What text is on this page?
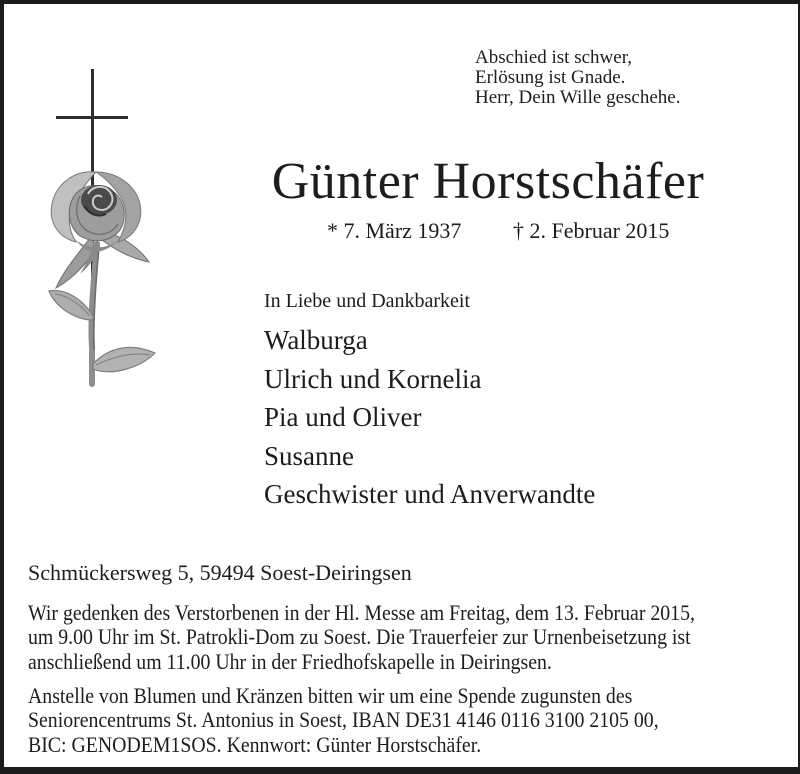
Abschied ist schwer,
Erlösung ist Gnade.
Herr, Dein Wille geschehe.
Günter Horstschäfer
* 7. März 1937 † 2. Februar 2015
In Liebe und Dankbarkeit
Walburga
Ulrich und Kornelia
Pia und Oliver
Susanne
Geschwister und Anverwandte
Schmückersweg 5, 59494 Soest-Deiringsen
Wir gedenken des Verstorbenen in der Hl. Messe am Freitag, dem 13. Februar 2015,
um 9.00 Uhr im St. Patrokli-Dom zu Soest. Die Trauerfeier zur Urnenbeisetzung ist
anschließend um 11.00 Uhr in der Friedhofskapelle in Deiringsen.
Anstelle von Blumen und Kränzen bitten wir um eine Spende zugunsten des
Seniorencentrums St. Antonius in Soest, IBAN DE31 4146 0116 3100 2105 00,
BIC: GENODEM1SOS. Kennwort: Günter Horstschäfer.
